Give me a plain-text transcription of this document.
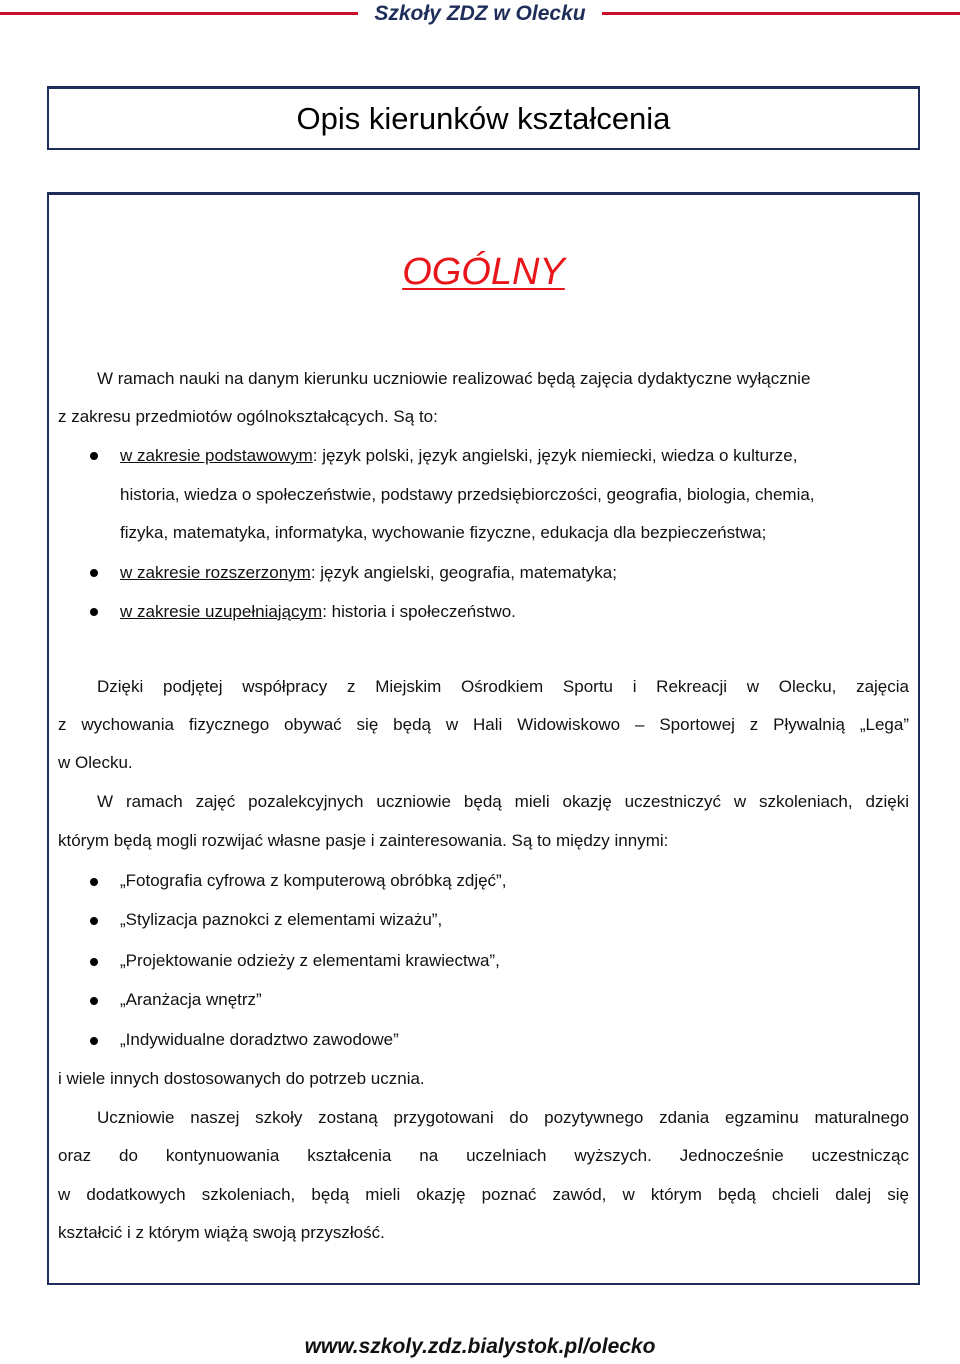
Szkoły ZDZ w Olecku
Opis kierunków kształcenia
OGÓLNY
W ramach nauki na danym kierunku uczniowie realizować będą zajęcia dydaktyczne wyłącznie
z zakresu przedmiotów ogólnokształcących. Są to:
w zakresie podstawowym: język polski, język angielski, język niemiecki, wiedza o kulturze,
historia, wiedza o społeczeństwie, podstawy przedsiębiorczości, geografia, biologia, chemia,
fizyka, matematyka, informatyka, wychowanie fizyczne, edukacja dla bezpieczeństwa;
w zakresie rozszerzonym: język angielski, geografia, matematyka;
w zakresie uzupełniającym: historia i społeczeństwo.
Dzięki podjętej współpracy z Miejskim Ośrodkiem Sportu i Rekreacji w Olecku, zajęcia
z wychowania fizycznego obywać się będą w Hali Widowiskowo – Sportowej z Pływalnią „Lega”
w Olecku.
W ramach zajęć pozalekcyjnych uczniowie będą mieli okazję uczestniczyć w szkoleniach, dzięki
którym będą mogli rozwijać własne pasje i zainteresowania. Są to między innymi:
„Fotografia cyfrowa z komputerową obróbką zdjęć”,
„Stylizacja paznokci z elementami wizażu”,
„Projektowanie odzieży z elementami krawiectwa”,
„Aranżacja wnętrz”
„Indywidualne doradztwo zawodowe”
i wiele innych dostosowanych do potrzeb ucznia.
Uczniowie naszej szkoły zostaną przygotowani do pozytywnego zdania egzaminu maturalnego
oraz do kontynuowania kształcenia na uczelniach wyższych. Jednocześnie uczestnicząc
w dodatkowych szkoleniach, będą mieli okazję poznać zawód, w którym będą chcieli dalej się
kształcić i z którym wiążą swoją przyszłość.
www.szkoly.zdz.bialystok.pl/olecko
